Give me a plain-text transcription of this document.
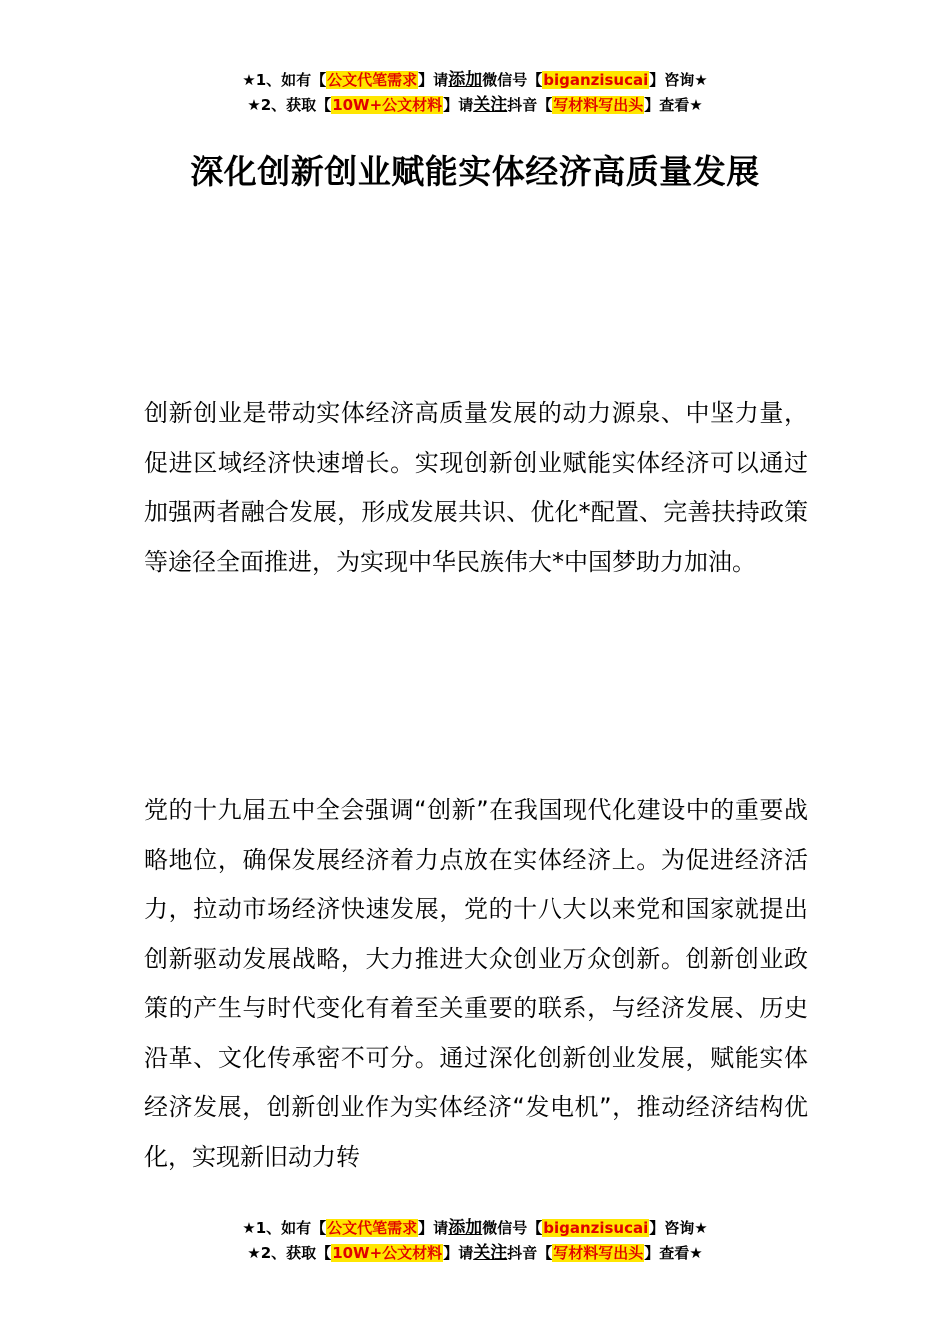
★1、如有【公文代笔需求】请添加微信号【biganzisucai】咨询★
★2、获取【10W+公文材料】请关注抖音【写材料写出头】查看★
深化创新创业赋能实体经济高质量发展

创新创业是带动实体经济高质量发展的动力源泉、中坚力量，促进区域经济快速增长。实现创新创业赋能实体经济可以通过加强两者融合发展，形成发展共识、优化*配置、完善扶持政策等途径全面推进，为实现中华民族伟大*中国梦助力加油。

党的十九届五中全会强调“创新”在我国现代化建设中的重要战略地位，确保发展经济着力点放在实体经济上。为促进经济活力，拉动市场经济快速发展，党的十八大以来党和国家就提出创新驱动发展战略，大力推进大众创业万众创新。创新创业政策的产生与时代变化有着至关重要的联系，与经济发展、历史沿革、文化传承密不可分。通过深化创新创业发展，赋能实体经济发展，创新创业作为实体经济“发电机”，推动经济结构优化，实现新旧动力转

★1、如有【公文代笔需求】请添加微信号【biganzisucai】咨询★
★2、获取【10W+公文材料】请关注抖音【写材料写出头】查看★
